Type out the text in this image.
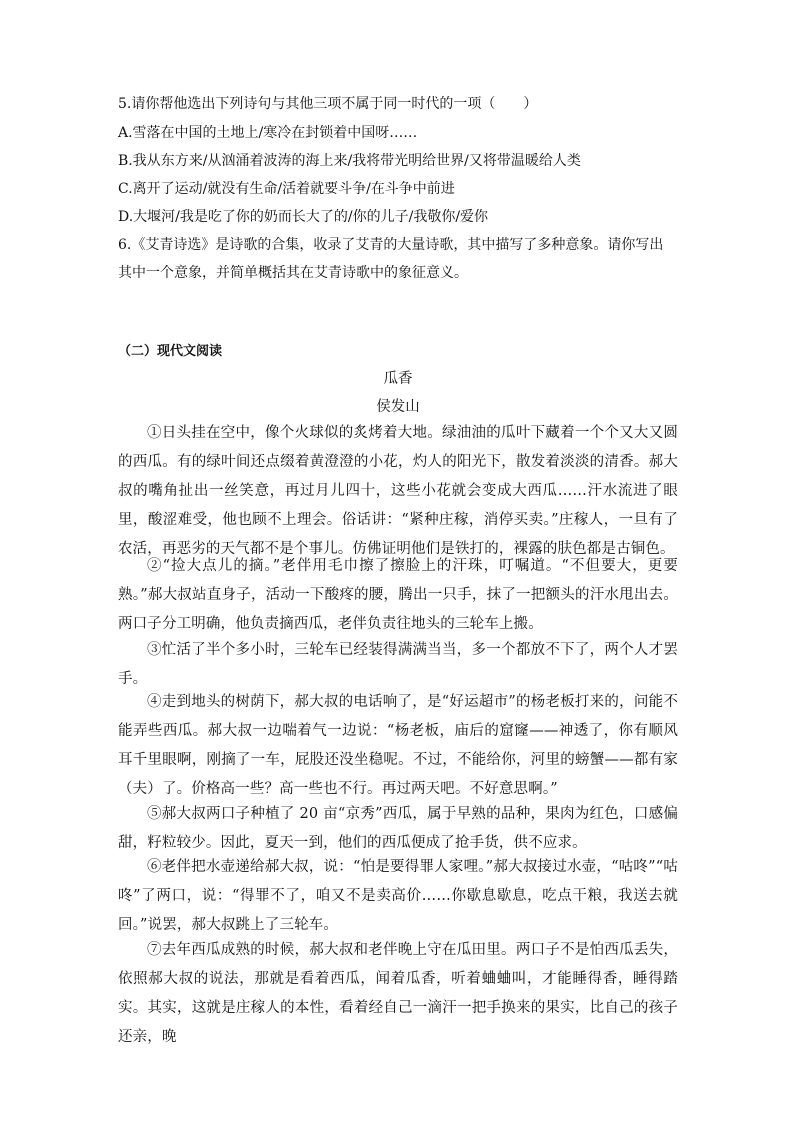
5.请你帮他选出下列诗句与其他三项不属于同一时代的一项（　　）
A.雪落在中国的土地上/寒冷在封锁着中国呀……
B.我从东方来/从汹涌着波涛的海上来/我将带光明给世界/又将带温暖给人类
C.离开了运动/就没有生命/活着就要斗争/在斗争中前进
D.大堰河/我是吃了你的奶而长大了的/你的儿子/我敬你/爱你
6.《艾青诗选》是诗歌的合集，收录了艾青的大量诗歌，其中描写了多种意象。请你写出
其中一个意象，并简单概括其在艾青诗歌中的象征意义。
（二）现代文阅读
瓜香
侯发山

①日头挂在空中，像个火球似的炙烤着大地。绿油油的瓜叶下藏着一个个又大又圆的西瓜。有的绿叶间还点缀着黄澄澄的小花，灼人的阳光下，散发着淡淡的清香。郝大叔的嘴角扯出一丝笑意，再过月儿四十，这些小花就会变成大西瓜……汗水流进了眼里，酸涩难受，他也顾不上理会。俗话讲：“紧种庄稼，消停买卖。”庄稼人，一旦有了农活，再恶劣的天气都不是个事儿。仿佛证明他们是铁打的，裸露的肤色都是古铜色。

②“捡大点儿的摘。”老伴用毛巾擦了擦脸上的汗珠，叮嘱道。“不但要大，更要熟。”郝大叔站直身子，活动一下酸疼的腰，腾出一只手，抹了一把额头的汗水甩出去。两口子分工明确，他负责摘西瓜，老伴负责往地头的三轮车上搬。

③忙活了半个多小时，三轮车已经装得满满当当，多一个都放不下了，两个人才罢手。

④走到地头的树荫下，郝大叔的电话响了，是“好运超市”的杨老板打来的，问能不能弄些西瓜。郝大叔一边喘着气一边说：“杨老板，庙后的窟窿——神透了，你有顺风耳千里眼啊，刚摘了一车，屁股还没坐稳呢。不过，不能给你，河里的螃蟹——都有家（夫）了。价格高一些？高一些也不行。再过两天吧。不好意思啊。”

⑤郝大叔两口子种植了 20 亩“京秀”西瓜，属于早熟的品种，果肉为红色，口感偏甜，籽粒较少。因此，夏天一到，他们的西瓜便成了抢手货，供不应求。

⑥老伴把水壶递给郝大叔，说：“怕是要得罪人家哩。”郝大叔接过水壶，“咕咚”“咕咚”了两口，说：“得罪不了，咱又不是卖高价……你歇息歇息，吃点干粮，我送去就回。”说罢，郝大叔跳上了三轮车。

⑦去年西瓜成熟的时候，郝大叔和老伴晚上守在瓜田里。两口子不是怕西瓜丢失，依照郝大叔的说法，那就是看着西瓜，闻着瓜香，听着蛐蛐叫，才能睡得香，睡得踏实。其实，这就是庄稼人的本性，看着经自己一滴汗一把手换来的果实，比自己的孩子还亲，晚
